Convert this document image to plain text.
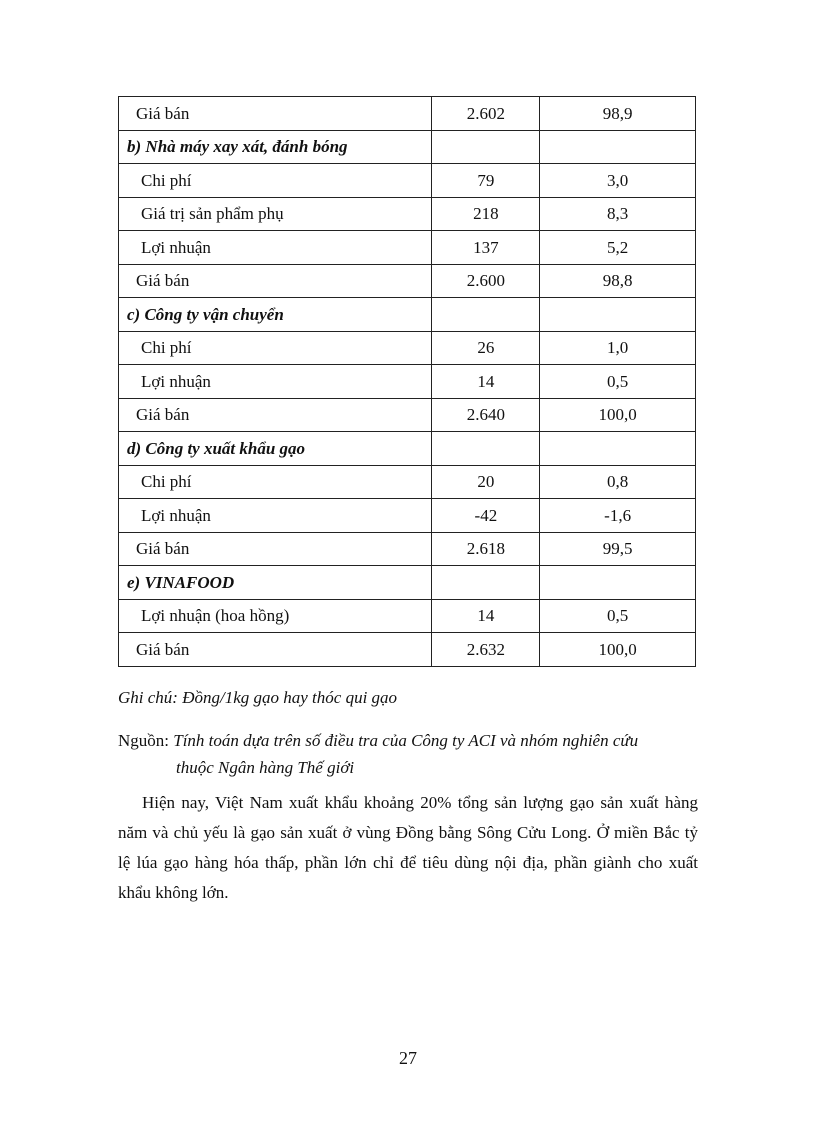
Giá bán	2.602	98,9
b) Nhà máy xay xát, đánh bóng		
Chi phí	79	3,0
Giá trị sản phẩm phụ	218	8,3
Lợi nhuận	137	5,2
Giá bán	2.600	98,8
c) Công ty vận chuyển		
Chi phí	26	1,0
Lợi nhuận	14	0,5
Giá bán	2.640	100,0
d) Công ty xuất khẩu gạo		
Chi phí	20	0,8
Lợi nhuận	-42	-1,6
Giá bán	2.618	99,5
e) VINAFOOD		
Lợi nhuận (hoa hồng)	14	0,5
Giá bán	2.632	100,0
Ghi chú: Đồng/1kg gạo hay thóc qui gạo
Nguồn: Tính toán dựa trên số điều tra của Công ty ACI và nhóm nghiên cứu
thuộc Ngân hàng Thế giới

Hiện nay, Việt Nam xuất khẩu khoảng 20% tổng sản lượng gạo sản xuất hàng năm và chủ yếu là gạo sản xuất ở vùng Đồng bằng Sông Cửu Long. Ở miền Bắc tỷ lệ lúa gạo hàng hóa thấp, phần lớn chỉ để tiêu dùng nội địa, phần giành cho xuất khẩu không lớn.

27
